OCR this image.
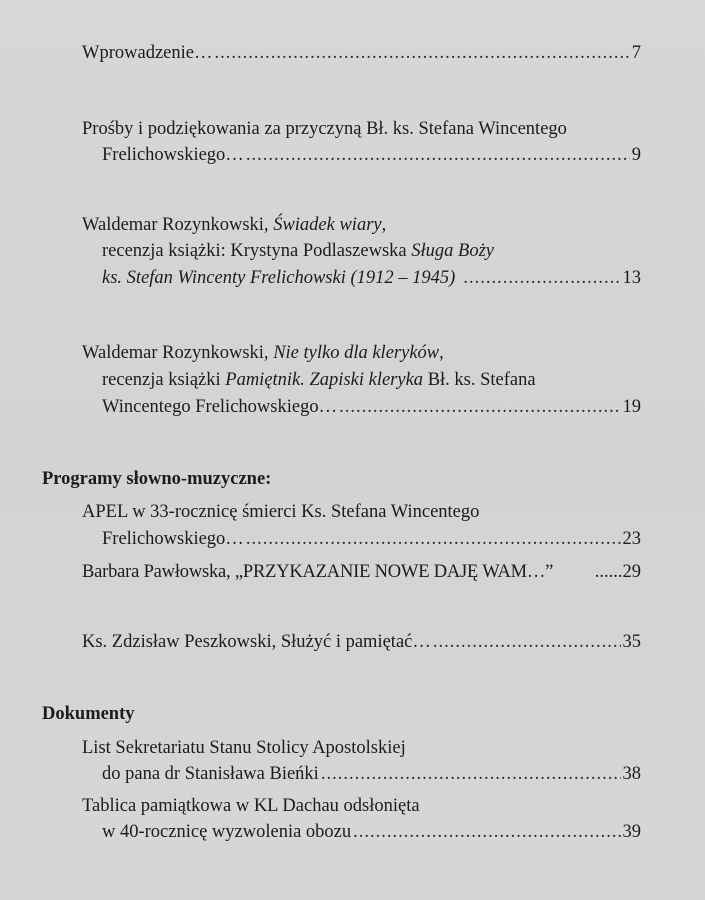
Wprowadzenie… .....	7
Prośby i podziękowania za przyczyną Bł. ks. Stefana Wincentego
Frelichowskiego… .....	9
Waldemar Rozynkowski, Świadek wiary ,
recenzja książki: Krystyna Podlaszewska Sługa Boży
ks. Stefan Wincenty Frelichowski (1912 – 1945) .....	13
Waldemar Rozynkowski, Nie tylko dla kleryków ,
recenzja książki Pamiętnik. Zapiski kleryka Bł. ks. Stefana
Wincentego Frelichowskiego… .....	19
Programy słowno-muzyczne:
APEL w 33-rocznicę śmierci Ks. Stefana Wincentego
Frelichowskiego… .....	23
Barbara Pawłowska, „PRZYKAZANIE NOWE DAJĘ WAM…”	...... 29
Ks. Zdzisław Peszkowski, Służyć i pamiętać… .....	35
Dokumenty
List Sekretariatu Stanu Stolicy Apostolskiej
do pana dr Stanisława Bieńki .....	38
Tablica pamiątkowa w KL Dachau odsłonięta
w 40-rocznicę wyzwolenia obozu .....	39
